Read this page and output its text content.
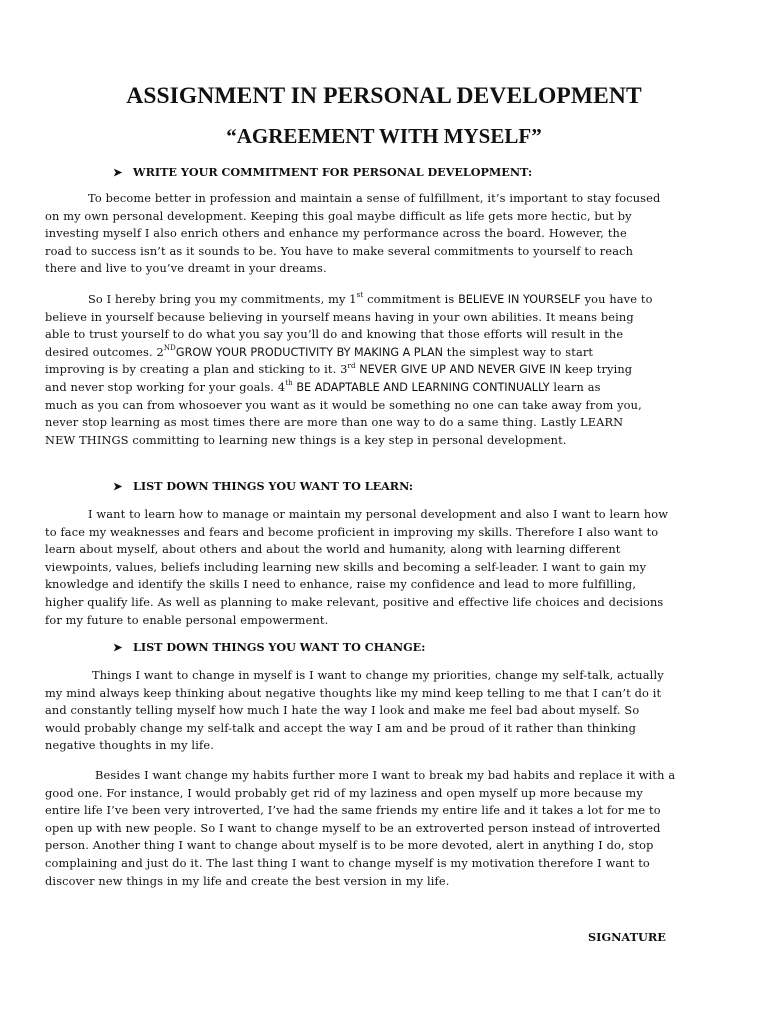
ASSIGNMENT IN PERSONAL DEVELOPMENT
“AGREEMENT WITH MYSELF”

➤ WRITE YOUR COMMITMENT FOR PERSONAL DEVELOPMENT:

To become better in profession and maintain a sense of fulfillment, it’s important to stay focused
on my own personal development. Keeping this goal maybe difficult as life gets more hectic, but by
investing myself I also enrich others and enhance my performance across the board. However, the
road to success isn’t as it sounds to be. You have to make several commitments to yourself to reach
there and live to you’ve dreamt in your dreams.
So I hereby bring you my commitments, my 1st commitment is BELIEVE IN YOURSELF you have to
believe in yourself because believing in yourself means having in your own abilities. It means being
able to trust yourself to do what you say you’ll do and knowing that those efforts will result in the
desired outcomes. 2NDGROW YOUR PRODUCTIVITY BY MAKING A PLAN the simplest way to start
improving is by creating a plan and sticking to it. 3rd NEVER GIVE UP AND NEVER GIVE IN keep trying
and never stop working for your goals. 4th BE ADAPTABLE AND LEARNING CONTINUALLY learn as
much as you can from whosoever you want as it would be something no one can take away from you,
never stop learning as most times there are more than one way to do a same thing. Lastly LEARN
NEW THINGS committing to learning new things is a key step in personal development.

➤ LIST DOWN THINGS YOU WANT TO LEARN:

I want to learn how to manage or maintain my personal development and also I want to learn how
to face my weaknesses and fears and become proficient in improving my skills. Therefore I also want to
learn about myself, about others and about the world and humanity, along with learning different
viewpoints, values, beliefs including learning new skills and becoming a self-leader. I want to gain my
knowledge and identify the skills I need to enhance, raise my confidence and lead to more fulfilling,
higher qualify life. As well as planning to make relevant, positive and effective life choices and decisions
for my future to enable personal empowerment.

➤ LIST DOWN THINGS YOU WANT TO CHANGE:

Things I want to change in myself is I want to change my priorities, change my self-talk, actually
my mind always keep thinking about negative thoughts like my mind keep telling to me that I can’t do it
and constantly telling myself how much I hate the way I look and make me feel bad about myself. So
would probably change my self-talk and accept the way I am and be proud of it rather than thinking
negative thoughts in my life.
Besides I want change my habits further more I want to break my bad habits and replace it with a
good one. For instance, I would probably get rid of my laziness and open myself up more because my
entire life I’ve been very introverted, I’ve had the same friends my entire life and it takes a lot for me to
open up with new people. So I want to change myself to be an extroverted person instead of introverted
person. Another thing I want to change about myself is to be more devoted, alert in anything I do, stop
complaining and just do it. The last thing I want to change myself is my motivation therefore I want to
discover new things in my life and create the best version in my life.

SIGNATURE
